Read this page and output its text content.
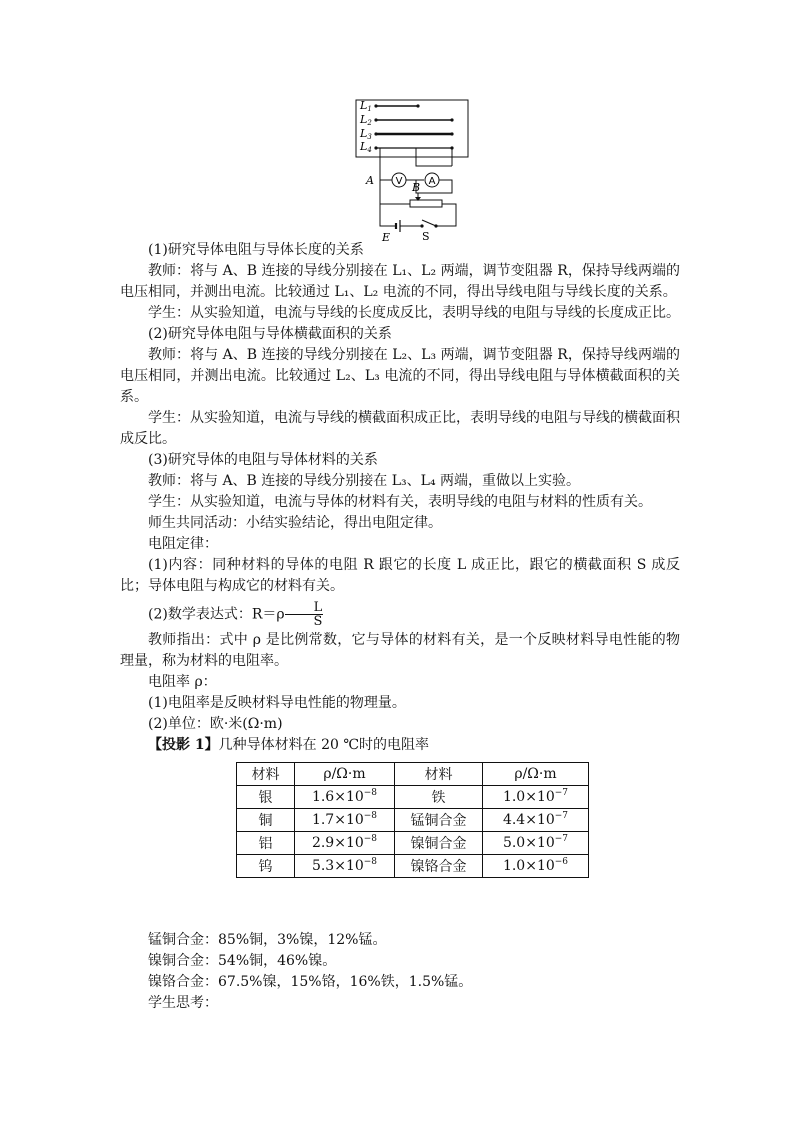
L1
L2
L3
L4
A V	A
B
E	S
(1)研究导体电阻与导体长度的关系
教师：将与 A、B 连接的导线分别接在 L₁、L₂ 两端，调节变阻器 R，保持导线两端的电压相同，并测出电流。比较通过 L₁、L₂ 电流的不同，得出导线电阻与导线长度的关系。
学生：从实验知道，电流与导线的长度成反比，表明导线的电阻与导线的长度成正比。
(2)研究导体电阻与导体横截面积的关系
教师：将与 A、B 连接的导线分别接在 L₂、L₃ 两端，调节变阻器 R，保持导线两端的电压相同，并测出电流。比较通过 L₂、L₃ 电流的不同，得出导线电阻与导体横截面积的关系。
学生：从实验知道，电流与导线的横截面积成正比，表明导线的电阻与导线的横截面积成反比。
(3)研究导体的电阻与导体材料的关系
教师：将与 A、B 连接的导线分别接在 L₃、L₄ 两端，重做以上实验。
学生：从实验知道，电流与导体的材料有关，表明导线的电阻与材料的性质有关。
师生共同活动：小结实验结论，得出电阻定律。
电阻定律：
(1)内容：同种材料的导体的电阻 R 跟它的长度 L 成正比，跟它的横截面积 S 成反比；导体电阻与构成它的材料有关。
(2)数学表达式：$R=\rho \frac{L}{S}$
教师指出：式中 ρ 是比例常数，它与导体的材料有关，是一个反映材料导电性能的物理量，称为材料的电阻率。
电阻率 ρ：
(1)电阻率是反映材料导电性能的物理量。
(2)单位：欧·米(Ω·m)
【投影 1】几种导体材料在 20 ℃时的电阻率
材料	ρ/Ω·m	材料	ρ/Ω·m
银	$1.6\times 10^{-8}$	铁	$1.0\times 10^{-7}$
铜	$1.7\times 10^{-8}$	锰铜合金	$4.4\times 10^{-7}$
铝	$2.9\times 10^{-8}$	镍铜合金	$5.0\times 10^{-7}$
钨	$5.3\times 10^{-8}$	镍铬合金	$1.0\times 10^{-6}$
锰铜合金：85%铜，3%镍，12%锰。
镍铜合金：54%铜，46%镍。
镍铬合金：67.5%镍，15%铬，16%铁，1.5%锰。
学生思考：
